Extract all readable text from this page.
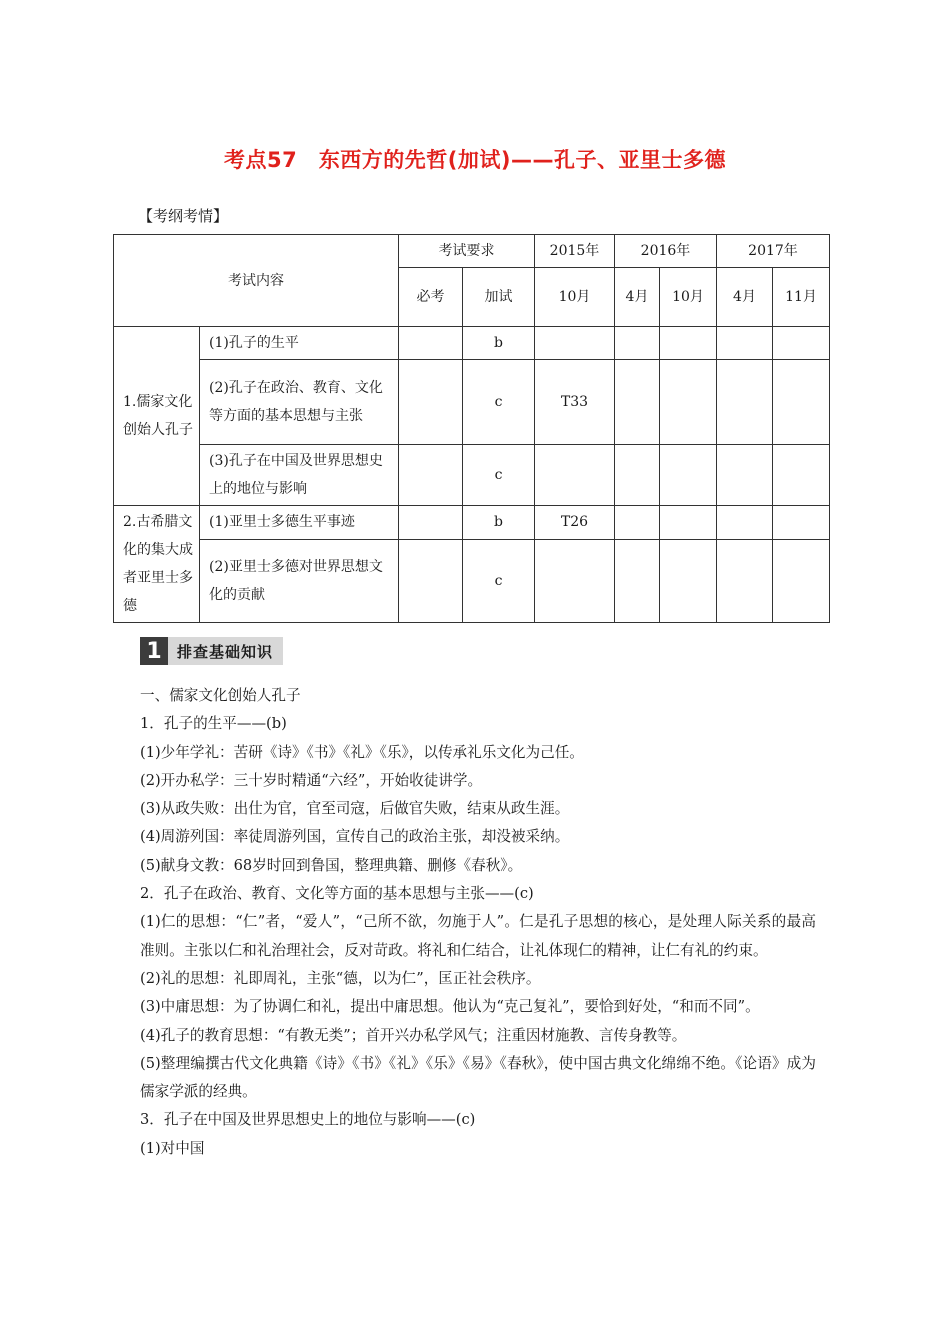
考点57　东西方的先哲(加试)——孔子、亚里士多德
【考纲考情】
考试内容		考试要求		2015年	2016年		2017年	
		必考	加试	10月	4月	10月	4月	11月
1.儒家文化创始人孔子	(1)孔子的生平		b					
	(2)孔子在政治、教育、文化等方面的基本思想与主张		c	T33				
	(3)孔子在中国及世界思想史上的地位与影响		c					
2.古希腊文化的集大成者亚里士多德	(1)亚里士多德生平事迹		b	T26				
	(2)亚里士多德对世界思想文化的贡献		c					
1	排查基础知识

一、儒家文化创始人孔子

1．孔子的生平——(b)

(1)少年学礼：苦研《诗》《书》《礼》《乐》，以传承礼乐文化为己任。

(2)开办私学：三十岁时精通“六经”，开始收徒讲学。

(3)从政失败：出仕为官，官至司寇，后做官失败，结束从政生涯。

(4)周游列国：率徒周游列国，宣传自己的政治主张，却没被采纳。

(5)献身文教：68岁时回到鲁国，整理典籍、删修《春秋》。

2．孔子在政治、教育、文化等方面的基本思想与主张——(c)

(1)仁的思想：“仁”者，“爱人”，“己所不欲，勿施于人”。仁是孔子思想的核心，是处理人际关系的最高准则。主张以仁和礼治理社会，反对苛政。将礼和仁结合，让礼体现仁的精神，让仁有礼的约束。

(2)礼的思想：礼即周礼，主张“德，以为仁”，匡正社会秩序。

(3)中庸思想：为了协调仁和礼，提出中庸思想。他认为“克己复礼”，要恰到好处，“和而不同”。

(4)孔子的教育思想：“有教无类”；首开兴办私学风气；注重因材施教、言传身教等。

(5)整理编撰古代文化典籍《诗》《书》《礼》《乐》《易》《春秋》，使中国古典文化绵绵不绝。《论语》成为儒家学派的经典。

3．孔子在中国及世界思想史上的地位与影响——(c)

(1)对中国
